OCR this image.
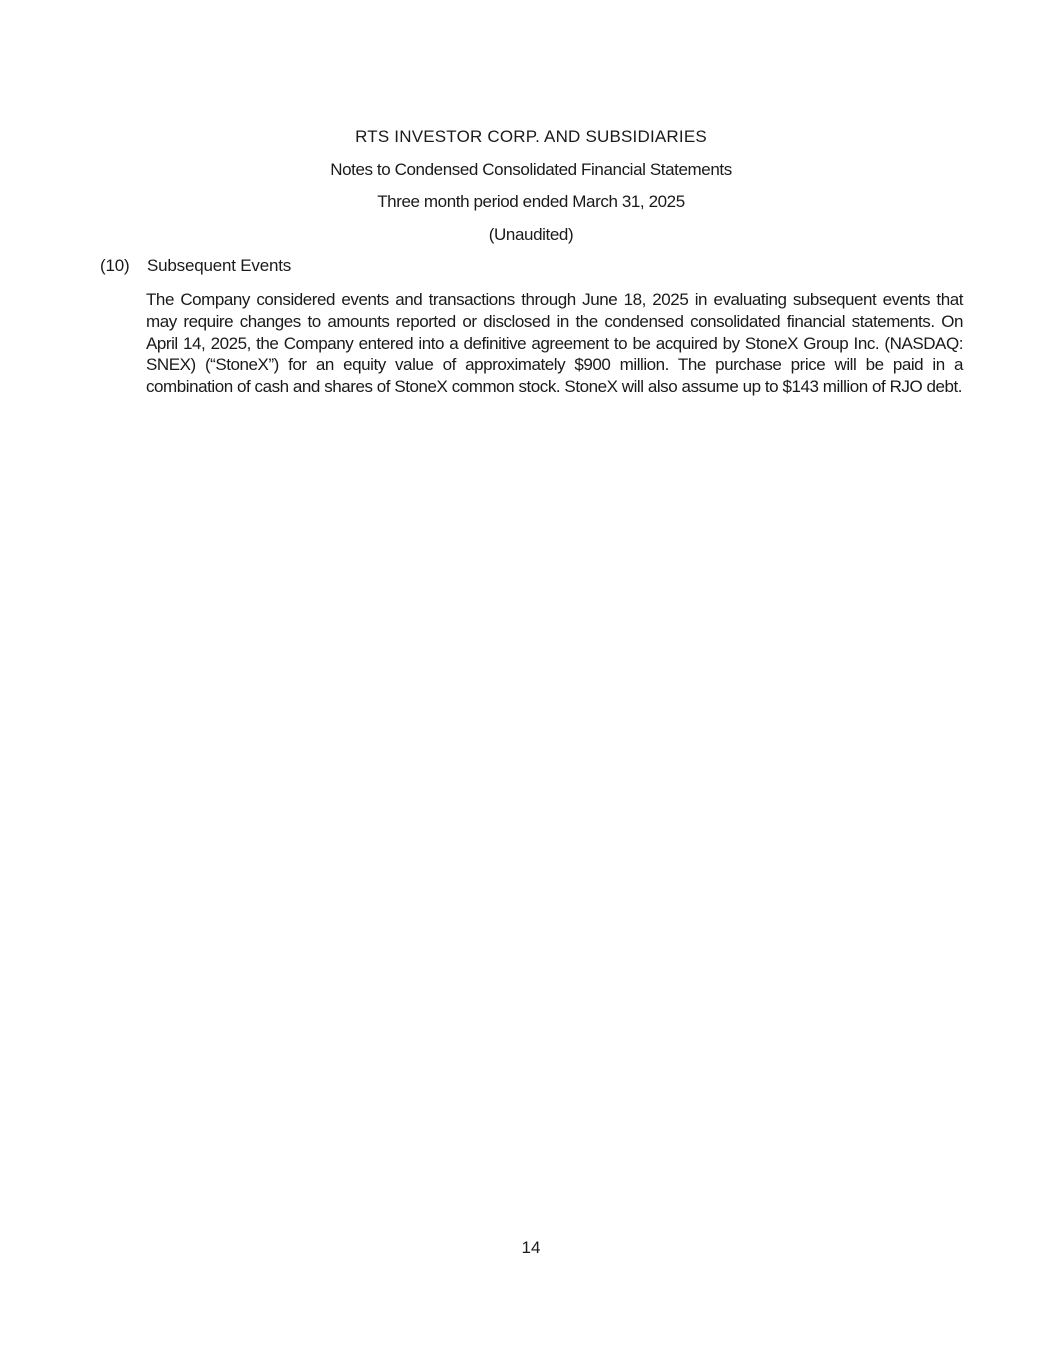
RTS INVESTOR CORP. AND SUBSIDIARIES
Notes to Condensed Consolidated Financial Statements
Three month period ended March 31, 2025
(Unaudited)
(10) Subsequent Events

The Company considered events and transactions through June 18, 2025 in evaluating subsequent events that may require changes to amounts reported or disclosed in the condensed consolidated financial statements. On April 14, 2025, the Company entered into a definitive agreement to be acquired by StoneX Group Inc. (NASDAQ: SNEX) (“StoneX”) for an equity value of approximately $900 million. The purchase price will be paid in a combination of cash and shares of StoneX common stock. StoneX will also assume up to $143 million of RJO debt.

14
